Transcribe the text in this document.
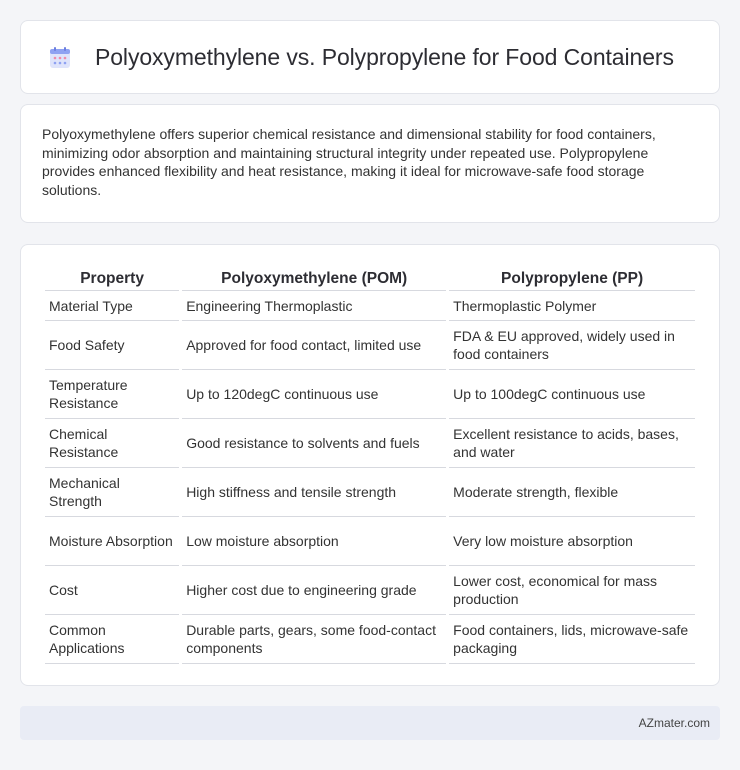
Polyoxymethylene vs. Polypropylene for Food Containers

Polyoxymethylene offers superior chemical resistance and dimensional stability for food containers, minimizing odor absorption and maintaining structural integrity under repeated use. Polypropylene provides enhanced flexibility and heat resistance, making it ideal for microwave-safe food storage solutions.

Property	Polyoxymethylene (POM)	Polypropylene (PP)
Material Type	Engineering Thermoplastic	Thermoplastic Polymer
Food Safety	Approved for food contact, limited use	FDA & EU approved, widely used in food containers
Temperature Resistance	Up to 120degC continuous use	Up to 100degC continuous use
Chemical Resistance	Good resistance to solvents and fuels	Excellent resistance to acids, bases, and water
Mechanical Strength	High stiffness and tensile strength	Moderate strength, flexible
Moisture Absorption	Low moisture absorption	Very low moisture absorption
Cost	Higher cost due to engineering grade	Lower cost, economical for mass production
Common Applications	Durable parts, gears, some food-contact components	Food containers, lids, microwave-safe packaging
AZmater.com
